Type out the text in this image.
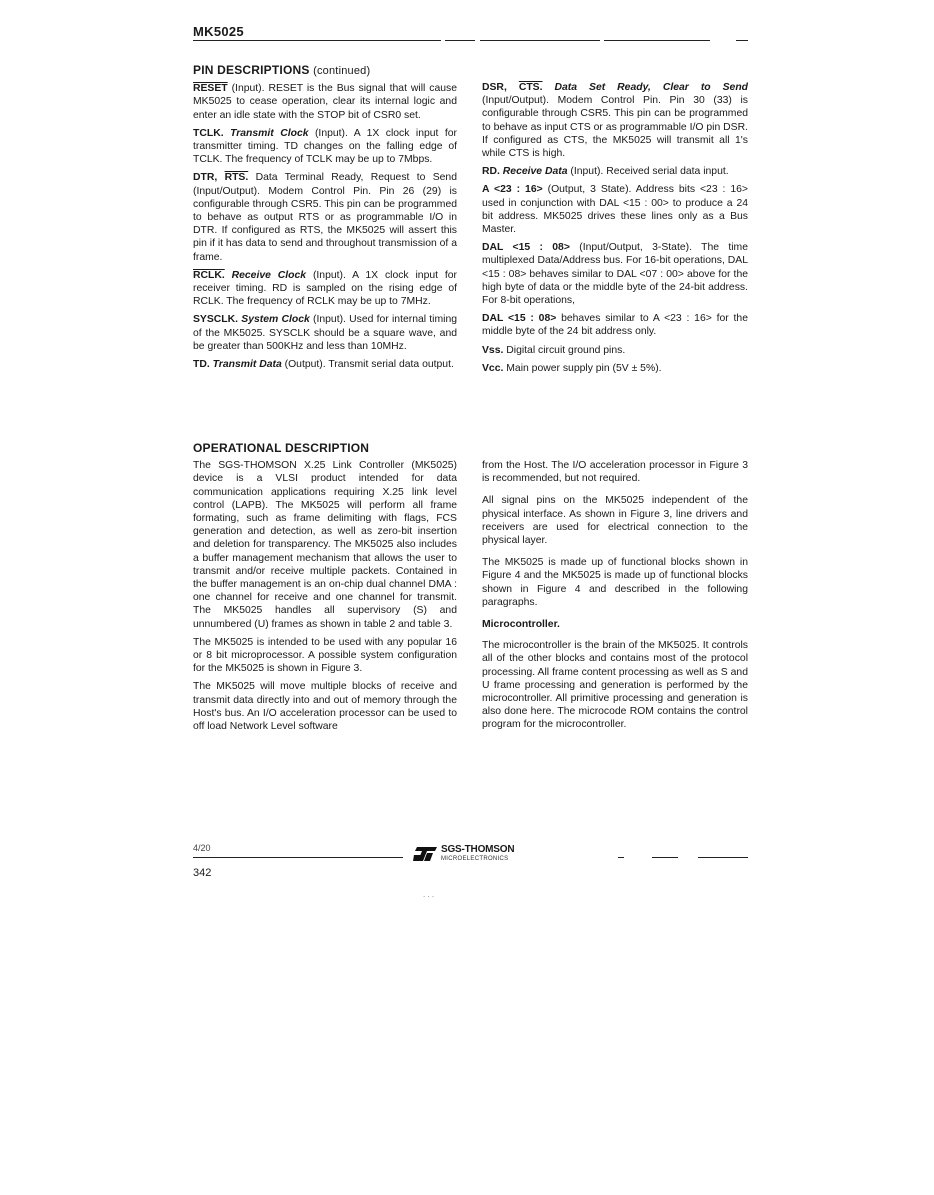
MK5025
PIN DESCRIPTIONS (continued)

RESET (Input). RESET is the Bus signal that will cause MK5025 to cease operation, clear its internal logic and enter an idle state with the STOP bit of CSR0 set.

TCLK. Transmit Clock (Input). A 1X clock input for transmitter timing. TD changes on the falling edge of TCLK. The frequency of TCLK may be up to 7Mbps.

DTR, RTS. Data Terminal Ready, Request to Send (Input/Output). Modem Control Pin. Pin 26 (29) is configurable through CSR5. This pin can be programmed to behave as output RTS or as programmable I/O in DTR. If configured as RTS, the MK5025 will assert this pin if it has data to send and throughout transmission of a frame.

RCLK. Receive Clock (Input). A 1X clock input for receiver timing. RD is sampled on the rising edge of RCLK. The frequency of RCLK may be up to 7MHz.

SYSCLK. System Clock (Input). Used for internal timing of the MK5025. SYSCLK should be a square wave, and be greater than 500KHz and less than 10MHz.

TD. Transmit Data (Output). Transmit serial data output.

DSR, CTS. Data Set Ready, Clear to Send (Input/Output). Modem Control Pin. Pin 30 (33) is configurable through CSR5. This pin can be programmed to behave as input CTS or as programmable I/O pin DSR. If configured as CTS, the MK5025 will transmit all 1's while CTS is high.

RD. Receive Data (Input). Received serial data input.

A <23 : 16> (Output, 3 State). Address bits <23 : 16> used in conjunction with DAL <15 : 00> to produce a 24 bit address. MK5025 drives these lines only as a Bus Master.

DAL <15 : 08> (Input/Output, 3-State). The time multiplexed Data/Address bus. For 16-bit operations, DAL <15 : 08> behaves similar to DAL <07 : 00> above for the high byte of data or the middle byte of the 24-bit address. For 8-bit operations,

DAL <15 : 08> behaves similar to A <23 : 16> for the middle byte of the 24 bit address only.

Vss. Digital circuit ground pins.

Vcc. Main power supply pin (5V ± 5%).

OPERATIONAL DESCRIPTION

The SGS-THOMSON X.25 Link Controller (MK5025) device is a VLSI product intended for data communication applications requiring X.25 link level control (LAPB). The MK5025 will perform all frame formating, such as frame delimiting with flags, FCS generation and detection, as well as zero-bit insertion and deletion for transparency. The MK5025 also includes a buffer management mechanism that allows the user to transmit and/or receive multiple packets. Contained in the buffer management is an on-chip dual channel DMA : one channel for receive and one channel for transmit. The MK5025 handles all supervisory (S) and unnumbered (U) frames as shown in table 2 and table 3.

The MK5025 is intended to be used with any popular 16 or 8 bit microprocessor. A possible system configuration for the MK5025 is shown in Figure 3.

The MK5025 will move multiple blocks of receive and transmit data directly into and out of memory through the Host's bus. An I/O acceleration processor can be used to off load Network Level software

from the Host. The I/O acceleration processor in Figure 3 is recommended, but not required.

All signal pins on the MK5025 independent of the physical interface. As shown in Figure 3, line drivers and receivers are used for electrical connection to the physical layer.

The MK5025 is made up of functional blocks shown in Figure 4 and the MK5025 is made up of functional blocks shown in Figure 4 and described in the following paragraphs.

Microcontroller.

The microcontroller is the brain of the MK5025. It controls all of the other blocks and contains most of the protocol processing. All frame content processing as well as S and U frame processing and generation is performed by the microcontroller. All primitive processing and generation is also done here. The microcode ROM contains the control program for the microcontroller.

4/20	SGS-THOMSON
MICROELECTRONICS
342
. . .
